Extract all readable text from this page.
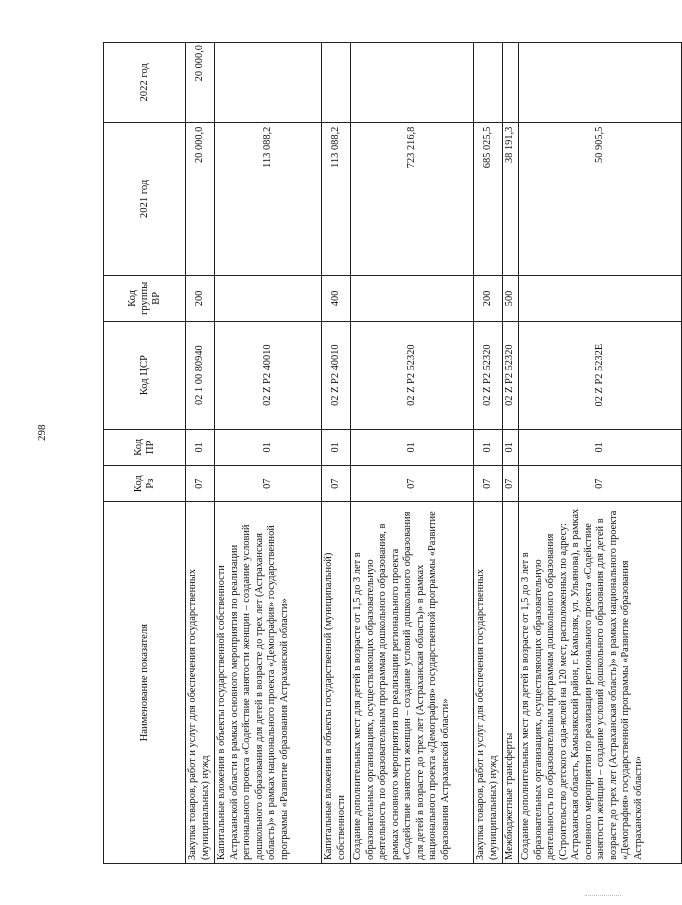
298
Наименование показателя	Код Рз	Код ПР	Код ЦСР	Код группы ВР	2021 год	2022 год
Закупка товаров, работ и услуг для обеспечения государственных (муниципальных) нужд	07	01	02 1 00 80940	200	20 000,0	20 000,0
Капитальные вложения в объекты государственной собственности Астраханской области в рамках основного мероприятия по реализации регионального проекта «Содействие занятости женщин – создание условий дошкольного образования для детей в возрасте до трех лет (Астраханская область)» в рамках национального проекта «Демография» государственной программы «Развитие образования Астраханской области»	07	01	02 Z P2 40010		113 088,2	
Капитальные вложения в объекты государственной (муниципальной) собственности	07	01	02 Z P2 40010	400	113 088,2	
Создание дополнительных мест для детей в возрасте от 1,5 до 3 лет в образовательных организациях, осуществляющих образовательную деятельность по образовательным программам дошкольного образования, в рамках основного мероприятия по реализации регионального проекта «Содействие занятости женщин – создание условий дошкольного образования для детей в возрасте до трех лет (Астраханская область)» в рамках национального проекта «Демография» государственной программы «Развитие образования Астраханской области»	07	01	02 Z P2 52320		723 216,8	
Закупка товаров, работ и услуг для обеспечения государственных (муниципальных) нужд	07	01	02 Z P2 52320	200	685 025,5	
Межбюджетные трансферты	07	01	02 Z P2 52320	500	38 191,3	
Создание дополнительных мест для детей в возрасте от 1,5 до 3 лет в образовательных организациях, осуществляющих образовательную деятельность по образовательным программам дошкольного образования (Строительство детского сада-яслей на 120 мест, расположенных по адресу: Астраханская область, Камызякский район, г. Камызяк, ул. Ульянова), в рамках основного мероприятия по реализации регионального проекта «Содействие занятости женщин – создание условий дошкольного образования для детей в возрасте до трех лет (Астраханская область)» в рамках национального проекта «Демография» государственной программы «Развитие образования Астраханской области»	07	01	02 Z P2 5232E		50 905,5	
